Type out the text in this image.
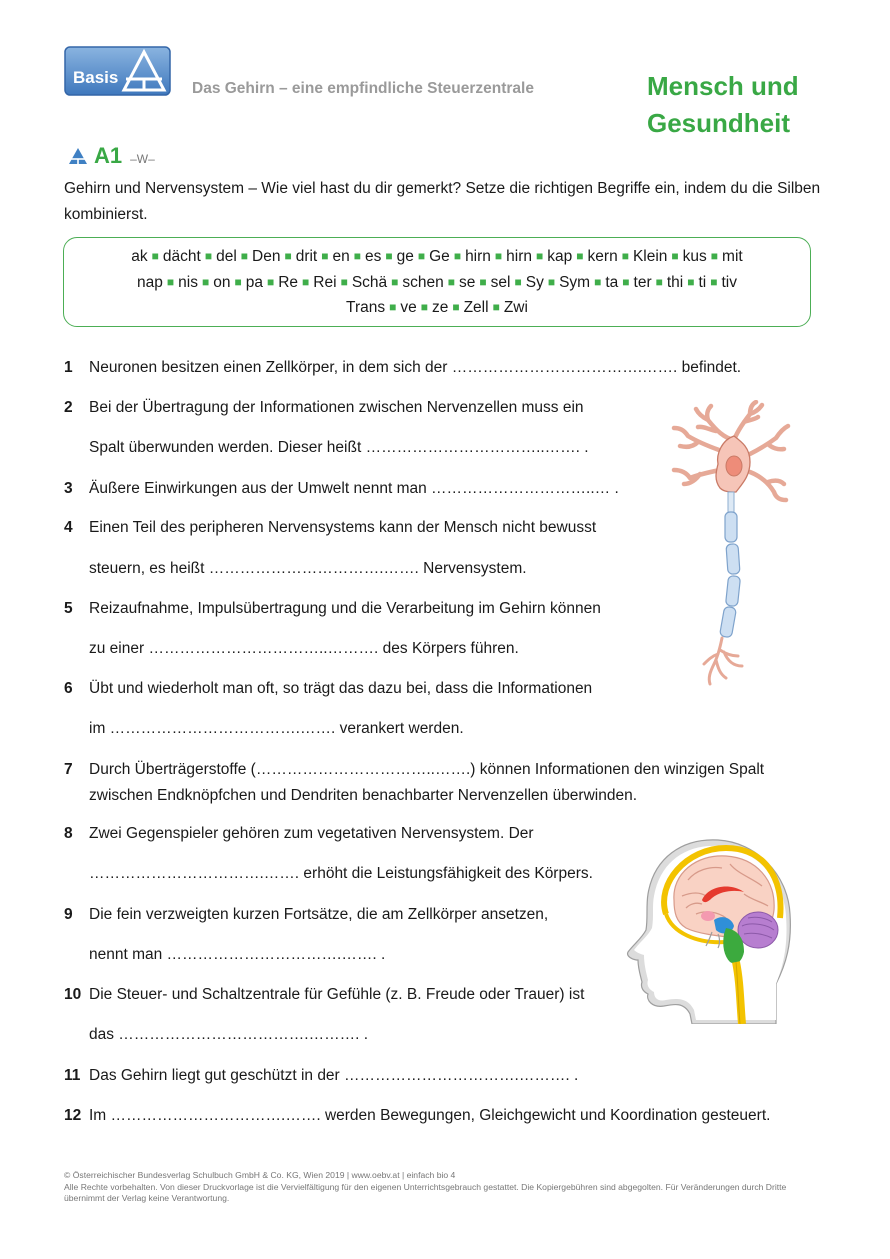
Basis
Das Gehirn – eine empfindliche Steuerzentrale	Mensch und
Gesundheit
A1 –W–
Gehirn und Nervensystem – Wie viel hast du dir gemerkt? Setze die richtigen Begriffe ein, indem du die Silben kombinierst.
ak ■ dächt ■ del ■ Den ■ drit ■ en ■ es ■ ge ■ Ge ■ hirn ■ hirn ■ kap ■ kern ■ Klein ■ kus ■ mit
nap ■ nis ■ on ■ pa ■ Re ■ Rei ■ Schä ■ schen ■ se ■ sel ■ Sy ■ Sym ■ ta ■ ter ■ thi ■ ti ■ tiv
Trans ■ ve ■ ze ■ Zell ■ Zwi
1	Neuronen besitzen einen Zellkörper, in dem sich der ……………………………….……. befindet.
2	Bei der Übertragung der Informationen zwischen Nervenzellen muss ein
Spalt überwunden werden. Dieser heißt ……………………………..……. .
3	Äußere Einwirkungen aus der Umwelt nennt man …………………………..… .
4	Einen Teil des peripheren Nervensystems kann der Mensch nicht bewusst
steuern, es heißt …………………………….……. Nervensystem.
5	Reizaufnahme, Impulsübertragung und die Verarbeitung im Gehirn können
zu einer ……………………………..………. des Körpers führen.
6	Übt und wiederholt man oft, so trägt das dazu bei, dass die Informationen
im ……………………………….……. verankert werden.
7	Durch Überträgerstoffe (……………………………..…….) können Informationen den winzigen Spalt zwischen Endknöpfchen und Dendriten benachbarter Nervenzellen überwinden.
8	Zwei Gegenspieler gehören zum vegetativen Nervensystem. Der
…………………………….……. erhöht die Leistungsfähigkeit des Körpers.
9	Die fein verzweigten kurzen Fortsätze, die am Zellkörper ansetzen,
nennt man …………………………….……. .
10 Die Steuer- und Schaltzentrale für Gefühle (z. B. Freude oder Trauer) ist
das ……………………………….………. .
11 Das Gehirn liegt gut geschützt in der …………………………….………. .
12 Im …………………………….……. werden Bewegungen, Gleichgewicht und Koordination gesteuert.
© Österreichischer Bundesverlag Schulbuch GmbH & Co. KG, Wien 2019 | www.oebv.at | einfach bio 4
Alle Rechte vorbehalten. Von dieser Druckvorlage ist die Vervielfältigung für den eigenen Unterrichtsgebrauch gestattet. Die Kopiergebühren sind abgegolten. Für Veränderungen durch Dritte übernimmt der Verlag keine Verantwortung.
